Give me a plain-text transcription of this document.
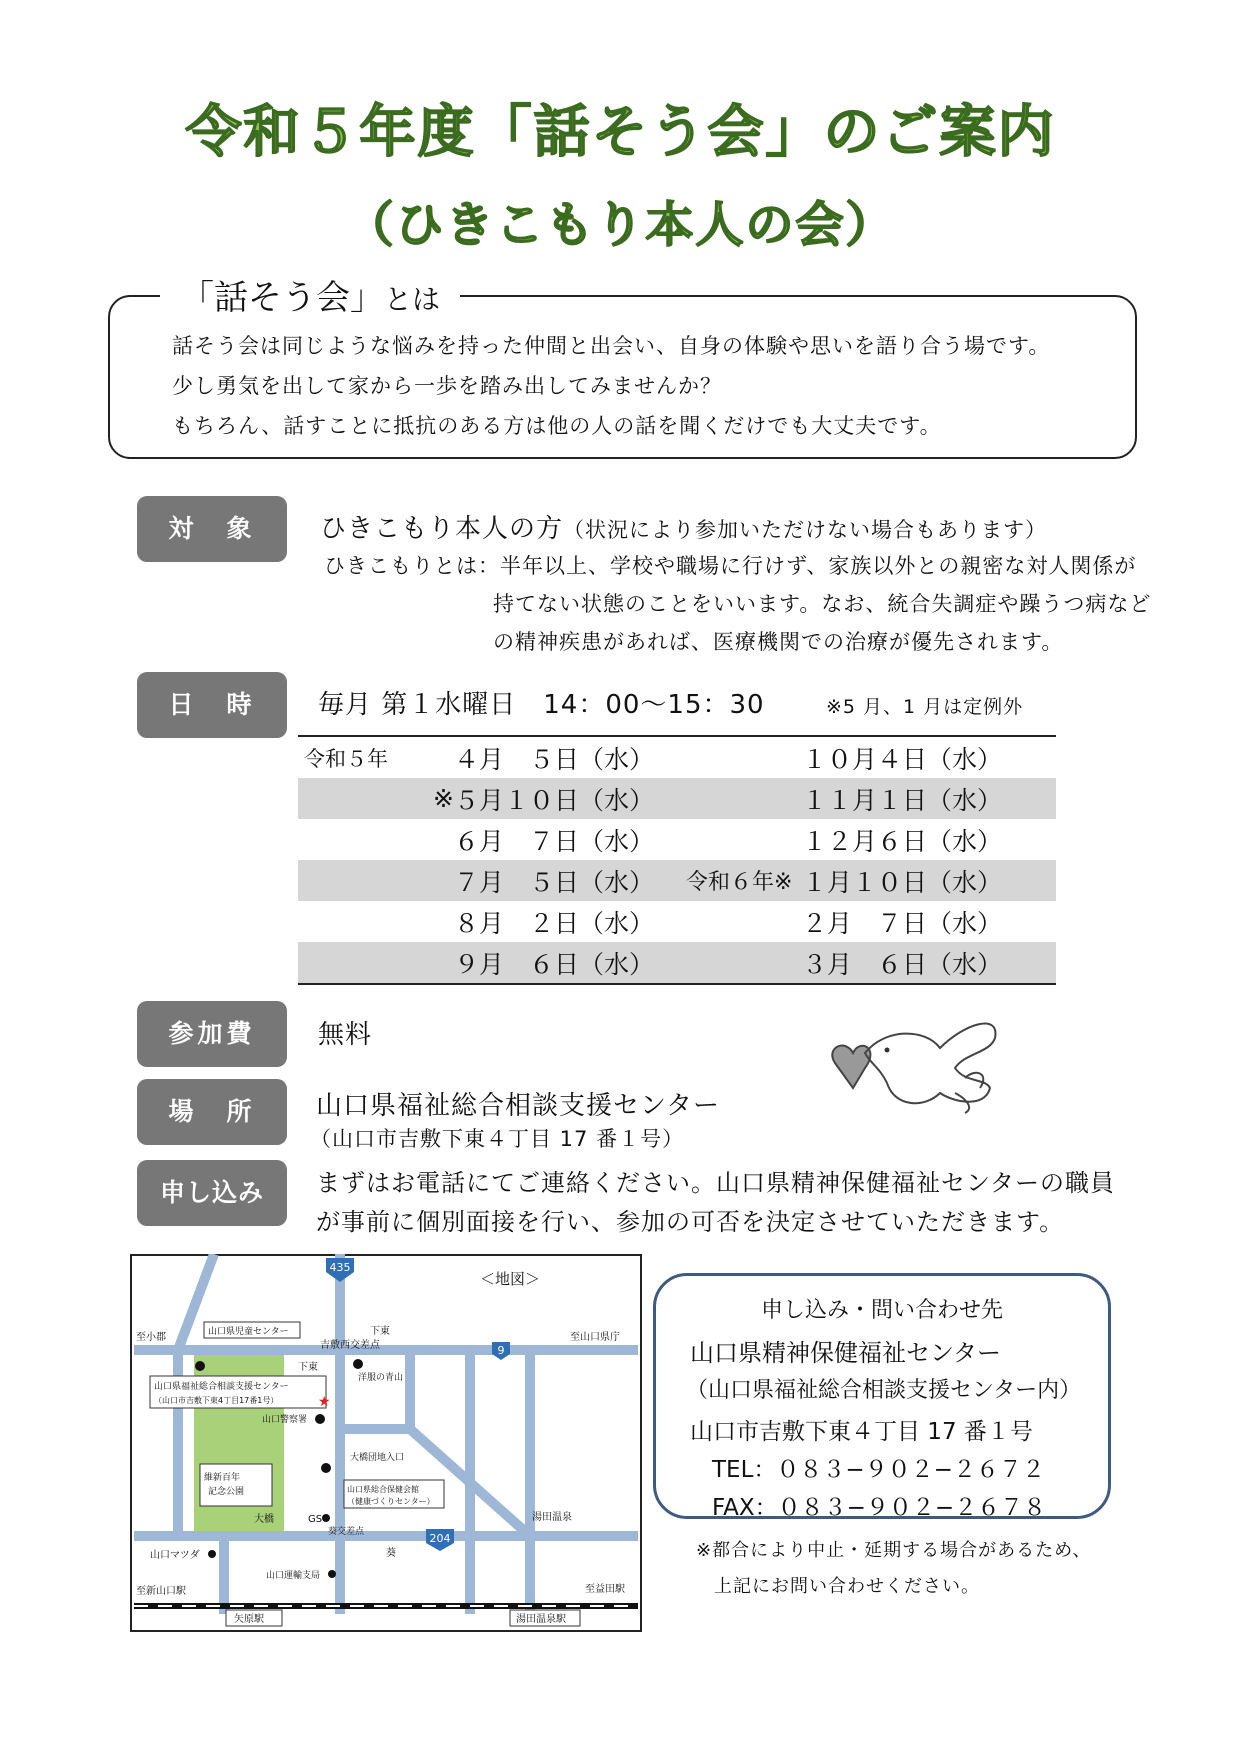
令和５年度「話そう会」のご案内
（ひきこもり本人の会）
「話そう会」とは
話そう会は同じような悩みを持った仲間と出会い、自身の体験や思いを語り合う場です。
少し勇気を出して家から一歩を踏み出してみませんか？
もちろん、話すことに抵抗のある方は他の人の話を聞くだけでも大丈夫です。
対　象	ひきこもり本人の方（状況により参加いただけない場合もあります）
ひきこもりとは：半年以上、学校や職場に行けず、家族以外との親密な対人関係が
持てない状態のことをいいます。なお、統合失調症や躁うつ病など
の精神疾患があれば、医療機関での治療が優先されます。
日　時	毎月 第１水曜日　14：00〜15：30	※5 月、1 月は定例外
令和５年		４月　５日（水）		１０月４日（水）
	※	５月１０日（水）		１１月１日（水）
		６月　７日（水）		１２月６日（水）
		７月　５日（水）	令和６年※	１月１０日（水）
		８月　２日（水）		２月　７日（水）
		９月　６日（水）		３月　６日（水）
参加費	無料
場　所	山口県福祉総合相談支援センター
（山口市吉敷下東４丁目 17 番１号）
申し込み	まずはお電話にてご連絡ください。山口県精神保健福祉センターの職員
が事前に個別面接を行い、参加の可否を決定させていただきます。
435
9
204
＜地図＞
至小郡	至山口県庁
至新山口駅	至益田駅
山口県児童センター	下東
吉敷西交差点
下東
洋服の青山
山口県福祉総合相談支援センター
（山口市吉敷下東4丁目17番1号）	★
山口警察署
維新百年
記念公園
大橋団地入口
山口県総合保健会館
（健康づくりセンター）
大橋	GS	湯田温泉
葵交差点
葵
山口マツダ
山口運輸支局
矢原駅	湯田温泉駅
申し込み・問い合わせ先
山口県精神保健福祉センター
（山口県福祉総合相談支援センター内）
山口市吉敷下東４丁目 17 番１号
TEL：０８３−９０２−２６７２
FAX：０８３−９０２−２６７８
※都合により中止・延期する場合があるため、
上記にお問い合わせください。
